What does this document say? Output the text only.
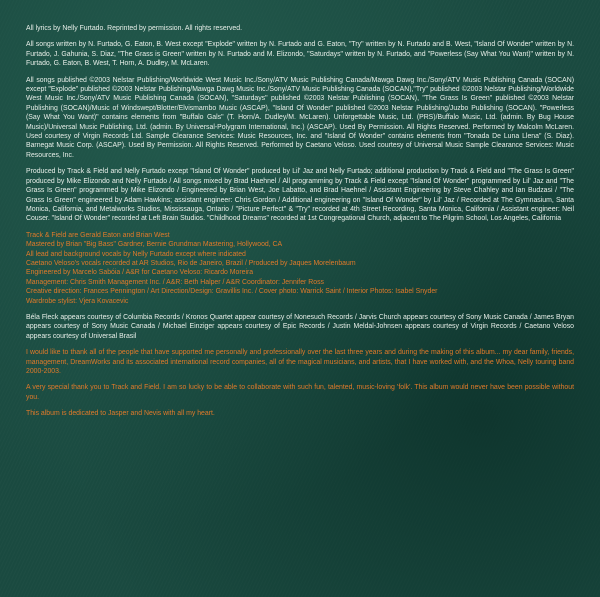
All lyrics by Nelly Furtado. Reprinted by permission. All rights reserved.

All songs written by N. Furtado, G. Eaton, B. West except "Explode" written by N. Furtado and G. Eaton, "Try" written by N. Furtado and B. West, "Island Of Wonder" written by N. Furtado, J. Gahunia, S. Diaz, "The Grass is Green" written by N. Furtado and M. Elizondo, "Saturdays" written by N. Furtado, and "Powerless (Say What You Want)" written by N. Furtado, G. Eaton, B. West, T. Horn, A. Dudley, M. McLaren.

All songs published ©2003 Nelstar Publishing/Worldwide West Music Inc./Sony/ATV Music Publishing Canada/Mawga Dawg Inc./Sony/ATV Music Publishing Canada (SOCAN) except "Explode" published ©2003 Nelstar Publishing/Mawga Dawg Music Inc./Sony/ATV Music Publishing Canada (SOCAN),"Try" published ©2003 Nelstar Publishing/Worldwide West Music Inc./Sony/ATV Music Publishing Canada (SOCAN), "Saturdays" published ©2003 Nelstar Publishing (SOCAN), "The Grass Is Green" published ©2003 Nelstar Publishing (SOCAN)/Music of Windswept/Blotter/Elvismambo Music (ASCAP), "Island Of Wonder" published ©2003 Nelstar Publishing/Juzbo Publishing (SOCAN). "Powerless (Say What You Want)" contains elements from "Buffalo Gals" (T. Horn/A. Dudley/M. McLaren). Unforgettable Music, Ltd. (PRS)/Buffalo Music, Ltd. (admin. By Bug House Music)/Universal Music Publishing, Ltd. (admin. By Universal-Polygram International, Inc.) (ASCAP). Used By Permission. All Rights Reserved. Performed by Malcolm McLaren. Used courtesy of Virgin Records Ltd. Sample Clearance Services: Music Resources, Inc. and "Island Of Wonder" contains elements from "Tonada De Luna Llena" (S. Diaz). Barnegat Music Corp. (ASCAP). Used By Permission. All Rights Reserved. Performed by Caetano Veloso. Used courtesy of Universal Music Sample Clearance Services: Music Resources, Inc.

Produced by Track & Field and Nelly Furtado except "Island Of Wonder" produced by Lil' Jaz and Nelly Furtado; additional production by Track & Field and "The Grass Is Green" produced by Mike Elizondo and Nelly Furtado / All songs mixed by Brad Haehnel / All programming by Track & Field except "Island Of Wonder" programmed by Lil' Jaz and "The Grass Is Green" programmed by Mike Elizondo / Engineered by Brian West, Joe Labatto, and Brad Haehnel / Assistant Engineering by Steve Chahley and Ian Budzasi / "The Grass Is Green" engineered by Adam Hawkins; assistant engineer: Chris Gordon / Additional engineering on "Island Of Wonder" by Lil' Jaz / Recorded at The Gymnasium, Santa Monica, California, and Metalworks Studios, Mississauga, Ontario / "Picture Perfect" & "Try" recorded at 4th Street Recording, Santa Monica, California / Assistant engineer: Neil Couser. "Island Of Wonder" recorded at Left Brain Studios. "Childhood Dreams" recorded at 1st Congregational Church, adjacent to The Pilgrim School, Los Angeles, California

Track & Field are Gerald Eaton and Brian West
Mastered by Brian "Big Bass" Gardner, Bernie Grundman Mastering, Hollywood, CA
All lead and background vocals by Nelly Furtado except where indicated
Caetano Veloso's vocals recorded at AR Studios, Rio de Janeiro, Brazil / Produced by Jaques Morelenbaum
Engineered by Marcelo Sabóia / A&R for Caetano Veloso: Ricardo Moreira
Management: Chris Smith Management Inc. / A&R: Beth Halper / A&R Coordinator: Jennifer Ross
Creative direction: Frances Pennington / Art Direction/Design: Gravillis Inc. / Cover photo: Warrick Saint / Interior Photos: Isabel Snyder
Wardrobe stylist: Vjera Kovacevic

Béla Fleck appears courtesy of Columbia Records / Kronos Quartet appear courtesy of Nonesuch Records / Jarvis Church appears courtesy of Sony Music Canada / James Bryan appears courtesy of Sony Music Canada / Michael Einziger appears courtesy of Epic Records / Justin Meldal-Johnsen appears courtesy of Virgin Records / Caetano Veloso appears courtesy of Universal Brasil

I would like to thank all of the people that have supported me personally and professionally over the last three years and during the making of this album... my dear family, friends, management, DreamWorks and its associated international record companies, all of the magical musicians, and artists, that I have worked with, and the Whoa, Nelly touring band 2000-2003.

A very special thank you to Track and Field. I am so lucky to be able to collaborate with such fun, talented, music-loving 'folk'. This album would never have been possible without you.

This album is dedicated to Jasper and Nevis with all my heart.
